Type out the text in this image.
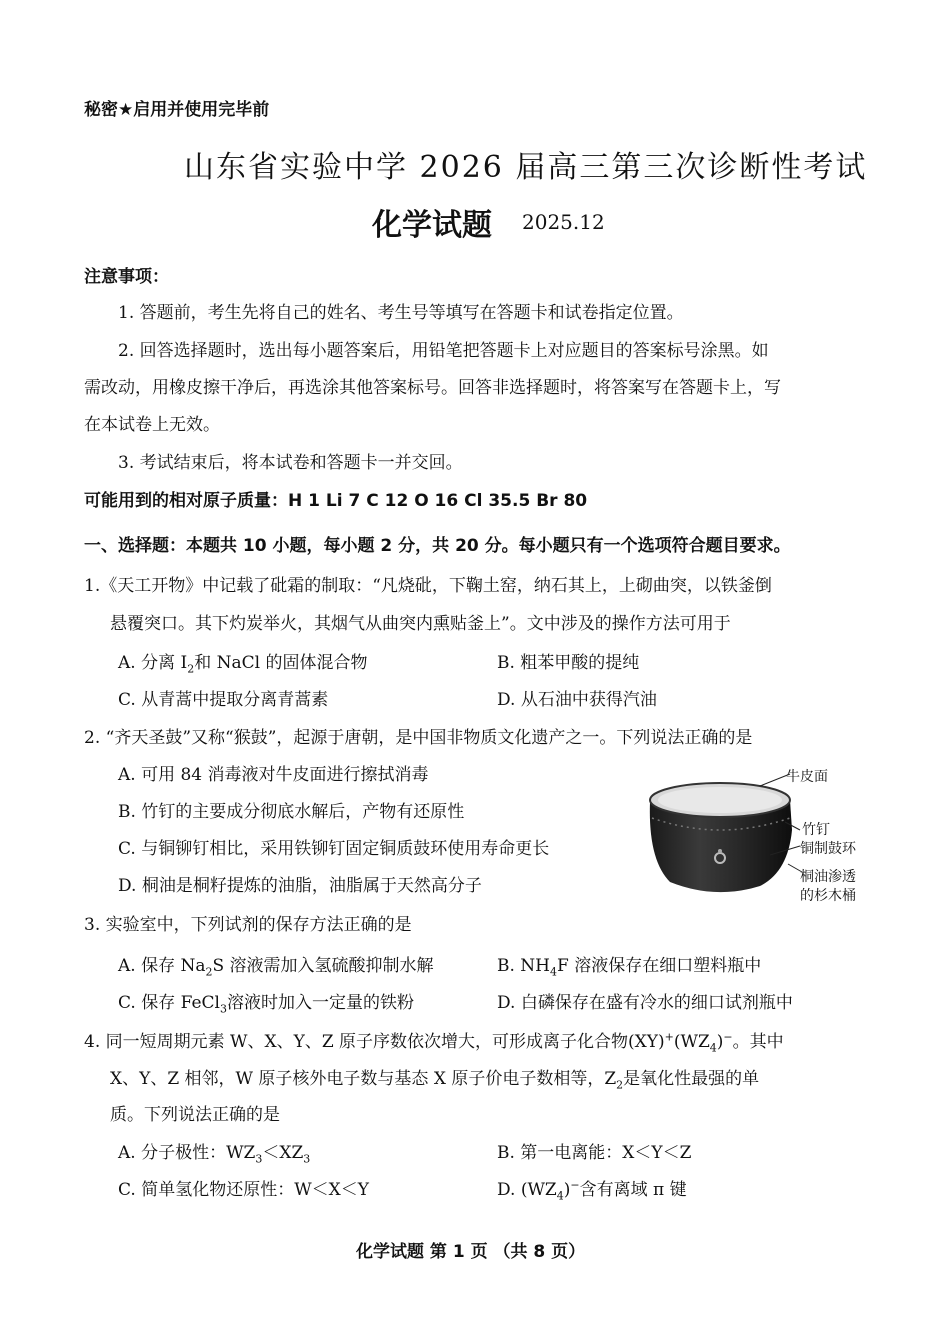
秘密★启用并使用完毕前
山东省实验中学 2026 届高三第三次诊断性考试
化学试题 2025.12
注意事项：
1. 答题前，考生先将自己的姓名、考生号等填写在答题卡和试卷指定位置。
2. 回答选择题时，选出每小题答案后，用铅笔把答题卡上对应题目的答案标号涂黑。如
需改动，用橡皮擦干净后，再选涂其他答案标号。回答非选择题时，将答案写在答题卡上，写
在本试卷上无效。
3. 考试结束后，将本试卷和答题卡一并交回。
可能用到的相对原子质量：H 1 Li 7 C 12 O 16 Cl 35.5 Br 80
一、选择题：本题共 10 小题，每小题 2 分，共 20 分。每小题只有一个选项符合题目要求。
1.《天工开物》中记载了砒霜的制取：“凡烧砒，下鞠土窑，纳石其上，上砌曲突，以铁釜倒
悬覆突口。其下灼炭举火，其烟气从曲突内熏贴釜上”。文中涉及的操作方法可用于
A. 分离 $I_2$和 NaCl 的固体混合物	B. 粗苯甲酸的提纯
C. 从青蒿中提取分离青蒿素	D. 从石油中获得汽油
2. “齐天圣鼓”又称“猴鼓”，起源于唐朝，是中国非物质文化遗产之一。下列说法正确的是
A. 可用 84 消毒液对牛皮面进行擦拭消毒
B. 竹钉的主要成分彻底水解后，产物有还原性
C. 与铜铆钉相比，采用铁铆钉固定铜质鼓环使用寿命更长
D. 桐油是桐籽提炼的油脂，油脂属于天然高分子
牛皮面
竹钉
铜制鼓环
桐油渗透
的杉木桶
3. 实验室中，下列试剂的保存方法正确的是
A. 保存 $Na_2S$ 溶液需加入氢硫酸抑制水解	B. $NH_4F$ 溶液保存在细口塑料瓶中
C. 保存 FeCl$_3$溶液时加入一定量的铁粉	D. 白磷保存在盛有冷水的细口试剂瓶中
4. 同一短周期元素 W、X、Y、Z 原子序数依次增大，可形成离子化合物$(XY)^+(WZ_4)^-$。其中
X、Y、Z 相邻，W 原子核外电子数与基态 X 原子价电子数相等，$Z_2$是氧化性最强的单
质。下列说法正确的是
A. 分子极性：$WZ_3<XZ_3$	B. 第一电离能：X＜Y＜Z
C. 简单氢化物还原性：W＜X＜Y	D. $(WZ_4)^-$含有离域 π 键
化学试题 第 1 页 （共 8 页）
